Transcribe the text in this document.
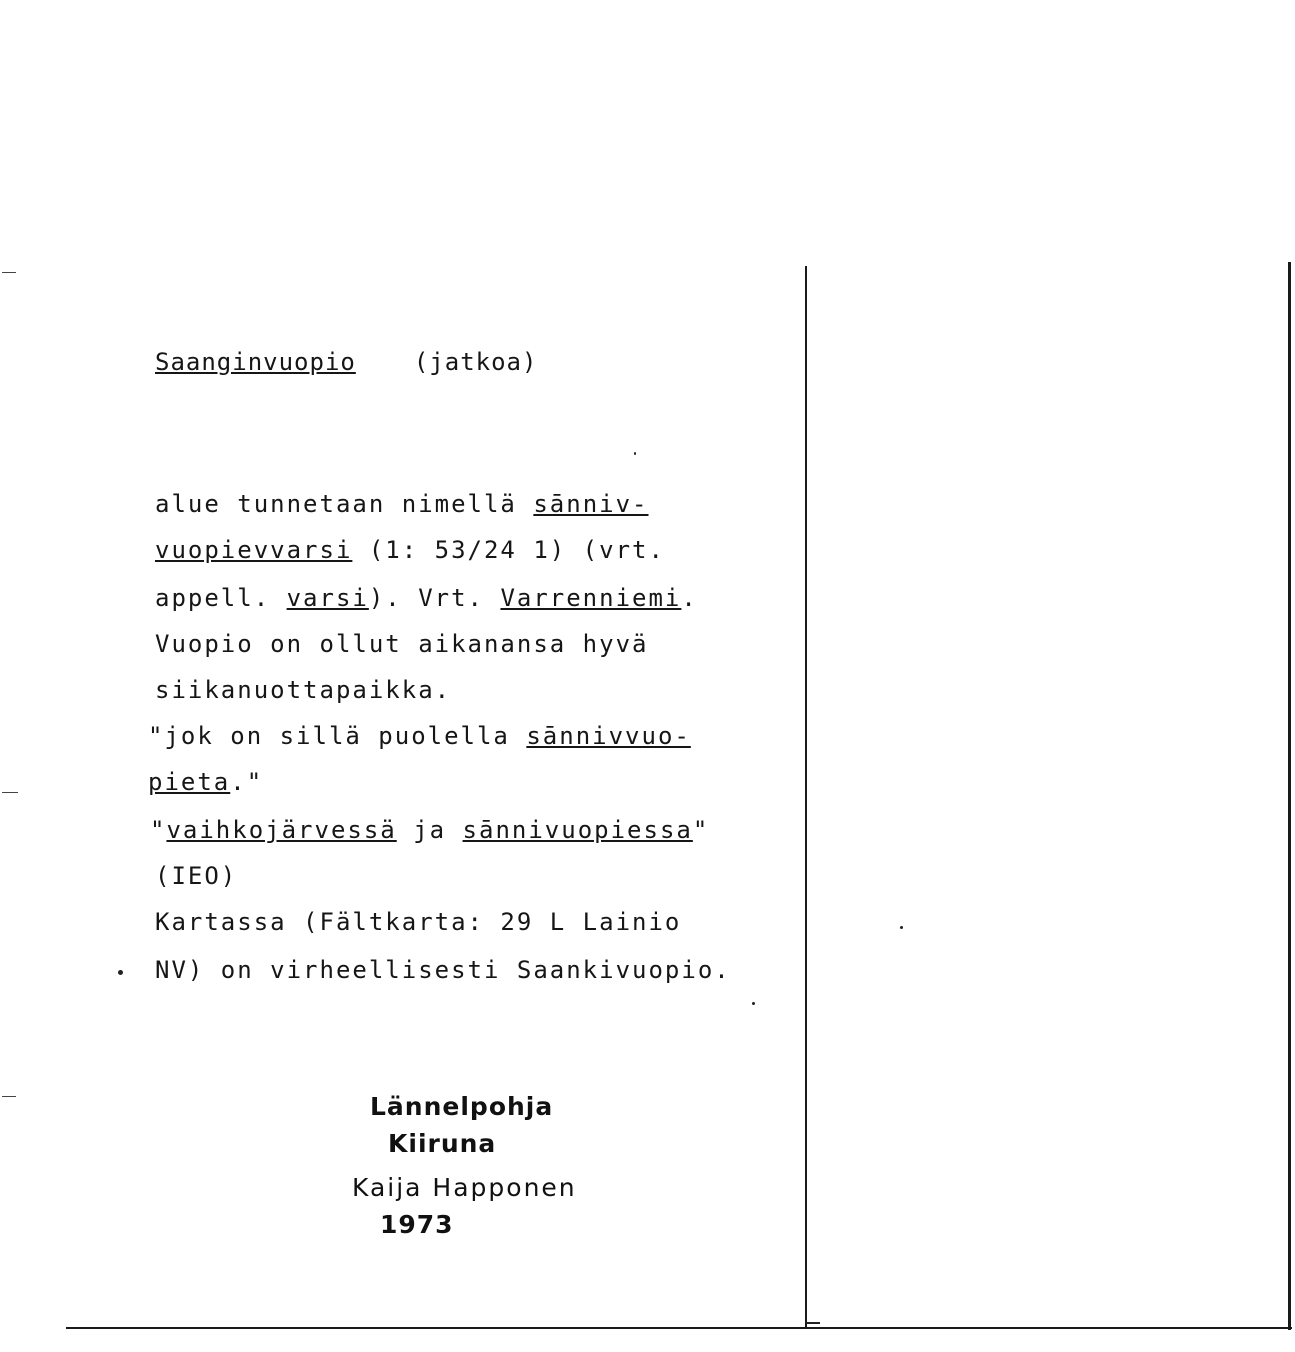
Saanginvuopio (jatkoa)
alue tunnetaan nimellä sānniv-
vuopievvarsi (1: 53/24 1) (vrt.
appell. varsi). Vrt. Varrenniemi.
Vuopio on ollut aikanansa hyvä
siikanuottapaikka.
"jok on sillä puolella sānnivvuo-
pieta."
"vaihkojärvessä ja sānnivuopiessa"
(IEO)
Kartassa (Fältkarta: 29 L Lainio
NV) on virheellisesti Saankivuopio.
Lännelpohja
Kiiruna
Kaija Happonen
1973
